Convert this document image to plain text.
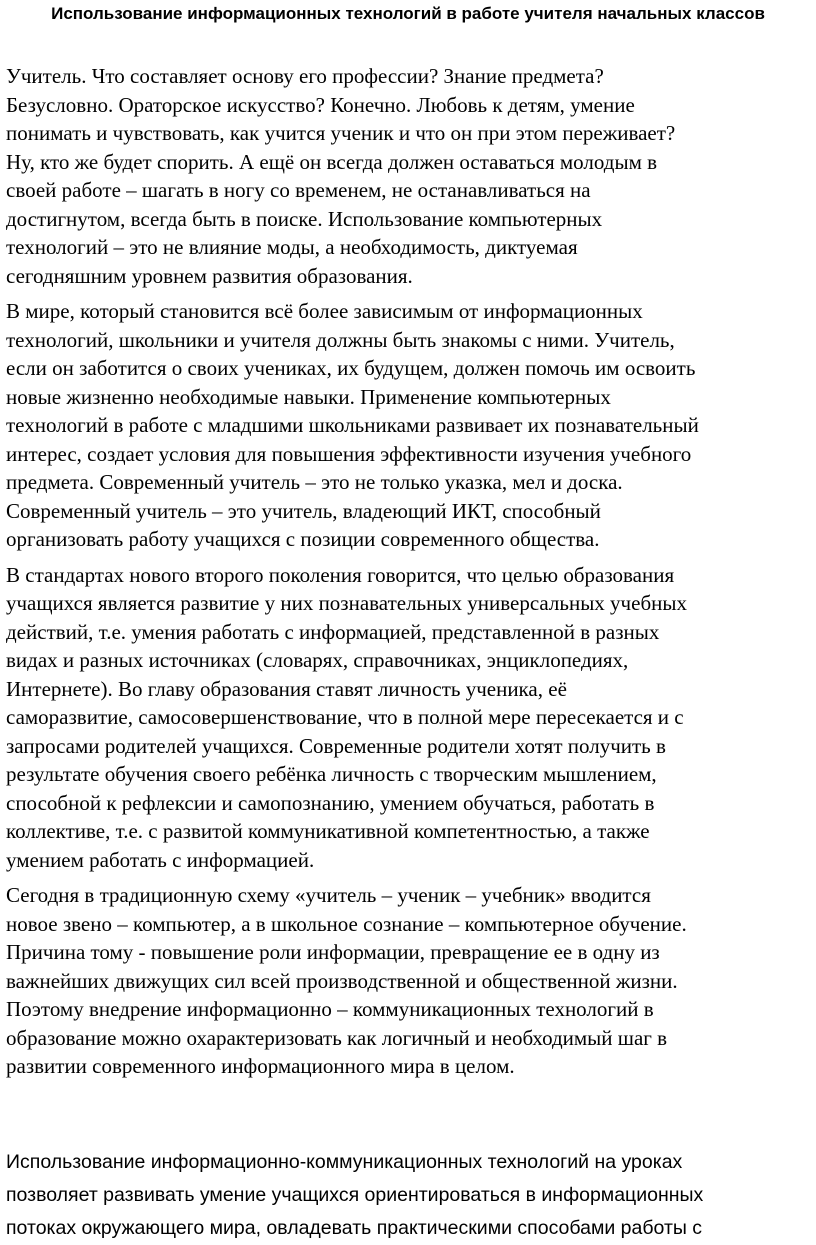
Использование информационных технологий в работе учителя начальных классов

Учитель. Что составляет основу его профессии? Знание предмета?
Безусловно. Ораторское искусство? Конечно. Любовь к детям, умение
понимать и чувствовать, как учится ученик и что он при этом переживает?
Ну, кто же будет спорить. А ещё он всегда должен оставаться молодым в
своей работе – шагать в ногу со временем, не останавливаться на
достигнутом, всегда быть в поиске. Использование компьютерных
технологий – это не влияние моды, а необходимость, диктуемая
сегодняшним уровнем развития образования.

В мире, который становится всё более зависимым от информационных
технологий, школьники и учителя должны быть знакомы с ними. Учитель,
если он заботится о своих учениках, их будущем, должен помочь им освоить
новые жизненно необходимые навыки. Применение компьютерных
технологий в работе с младшими школьниками развивает их познавательный
интерес, создает условия для повышения эффективности изучения учебного
предмета. Современный учитель – это не только указка, мел и доска.
Современный учитель – это учитель, владеющий ИКТ, способный
организовать работу учащихся с позиции современного общества.

В стандартах нового второго поколения говорится, что целью образования
учащихся является развитие у них познавательных универсальных учебных
действий, т.е. умения работать с информацией, представленной в разных
видах и разных источниках (словарях, справочниках, энциклопедиях,
Интернете). Во главу образования ставят личность ученика, её
саморазвитие, самосовершенствование, что в полной мере пересекается и с
запросами родителей учащихся. Современные родители хотят получить в
результате обучения своего ребёнка личность с творческим мышлением,
способной к рефлексии и самопознанию, умением обучаться, работать в
коллективе, т.е. с развитой коммуникативной компетентностью, а также
умением работать с информацией.

Сегодня в традиционную схему «учитель – ученик – учебник» вводится
новое звено – компьютер, а в школьное сознание – компьютерное обучение.
Причина тому - повышение роли информации, превращение ее в одну из
важнейших движущих сил всей производственной и общественной жизни.
Поэтому внедрение информационно – коммуникационных технологий в
образование можно охарактеризовать как логичный и необходимый шаг в
развитии современного информационного мира в целом.

Использование информационно-коммуникационных технологий на уроках
позволяет развивать умение учащихся ориентироваться в информационных
потоках окружающего мира, овладевать практическими способами работы с
